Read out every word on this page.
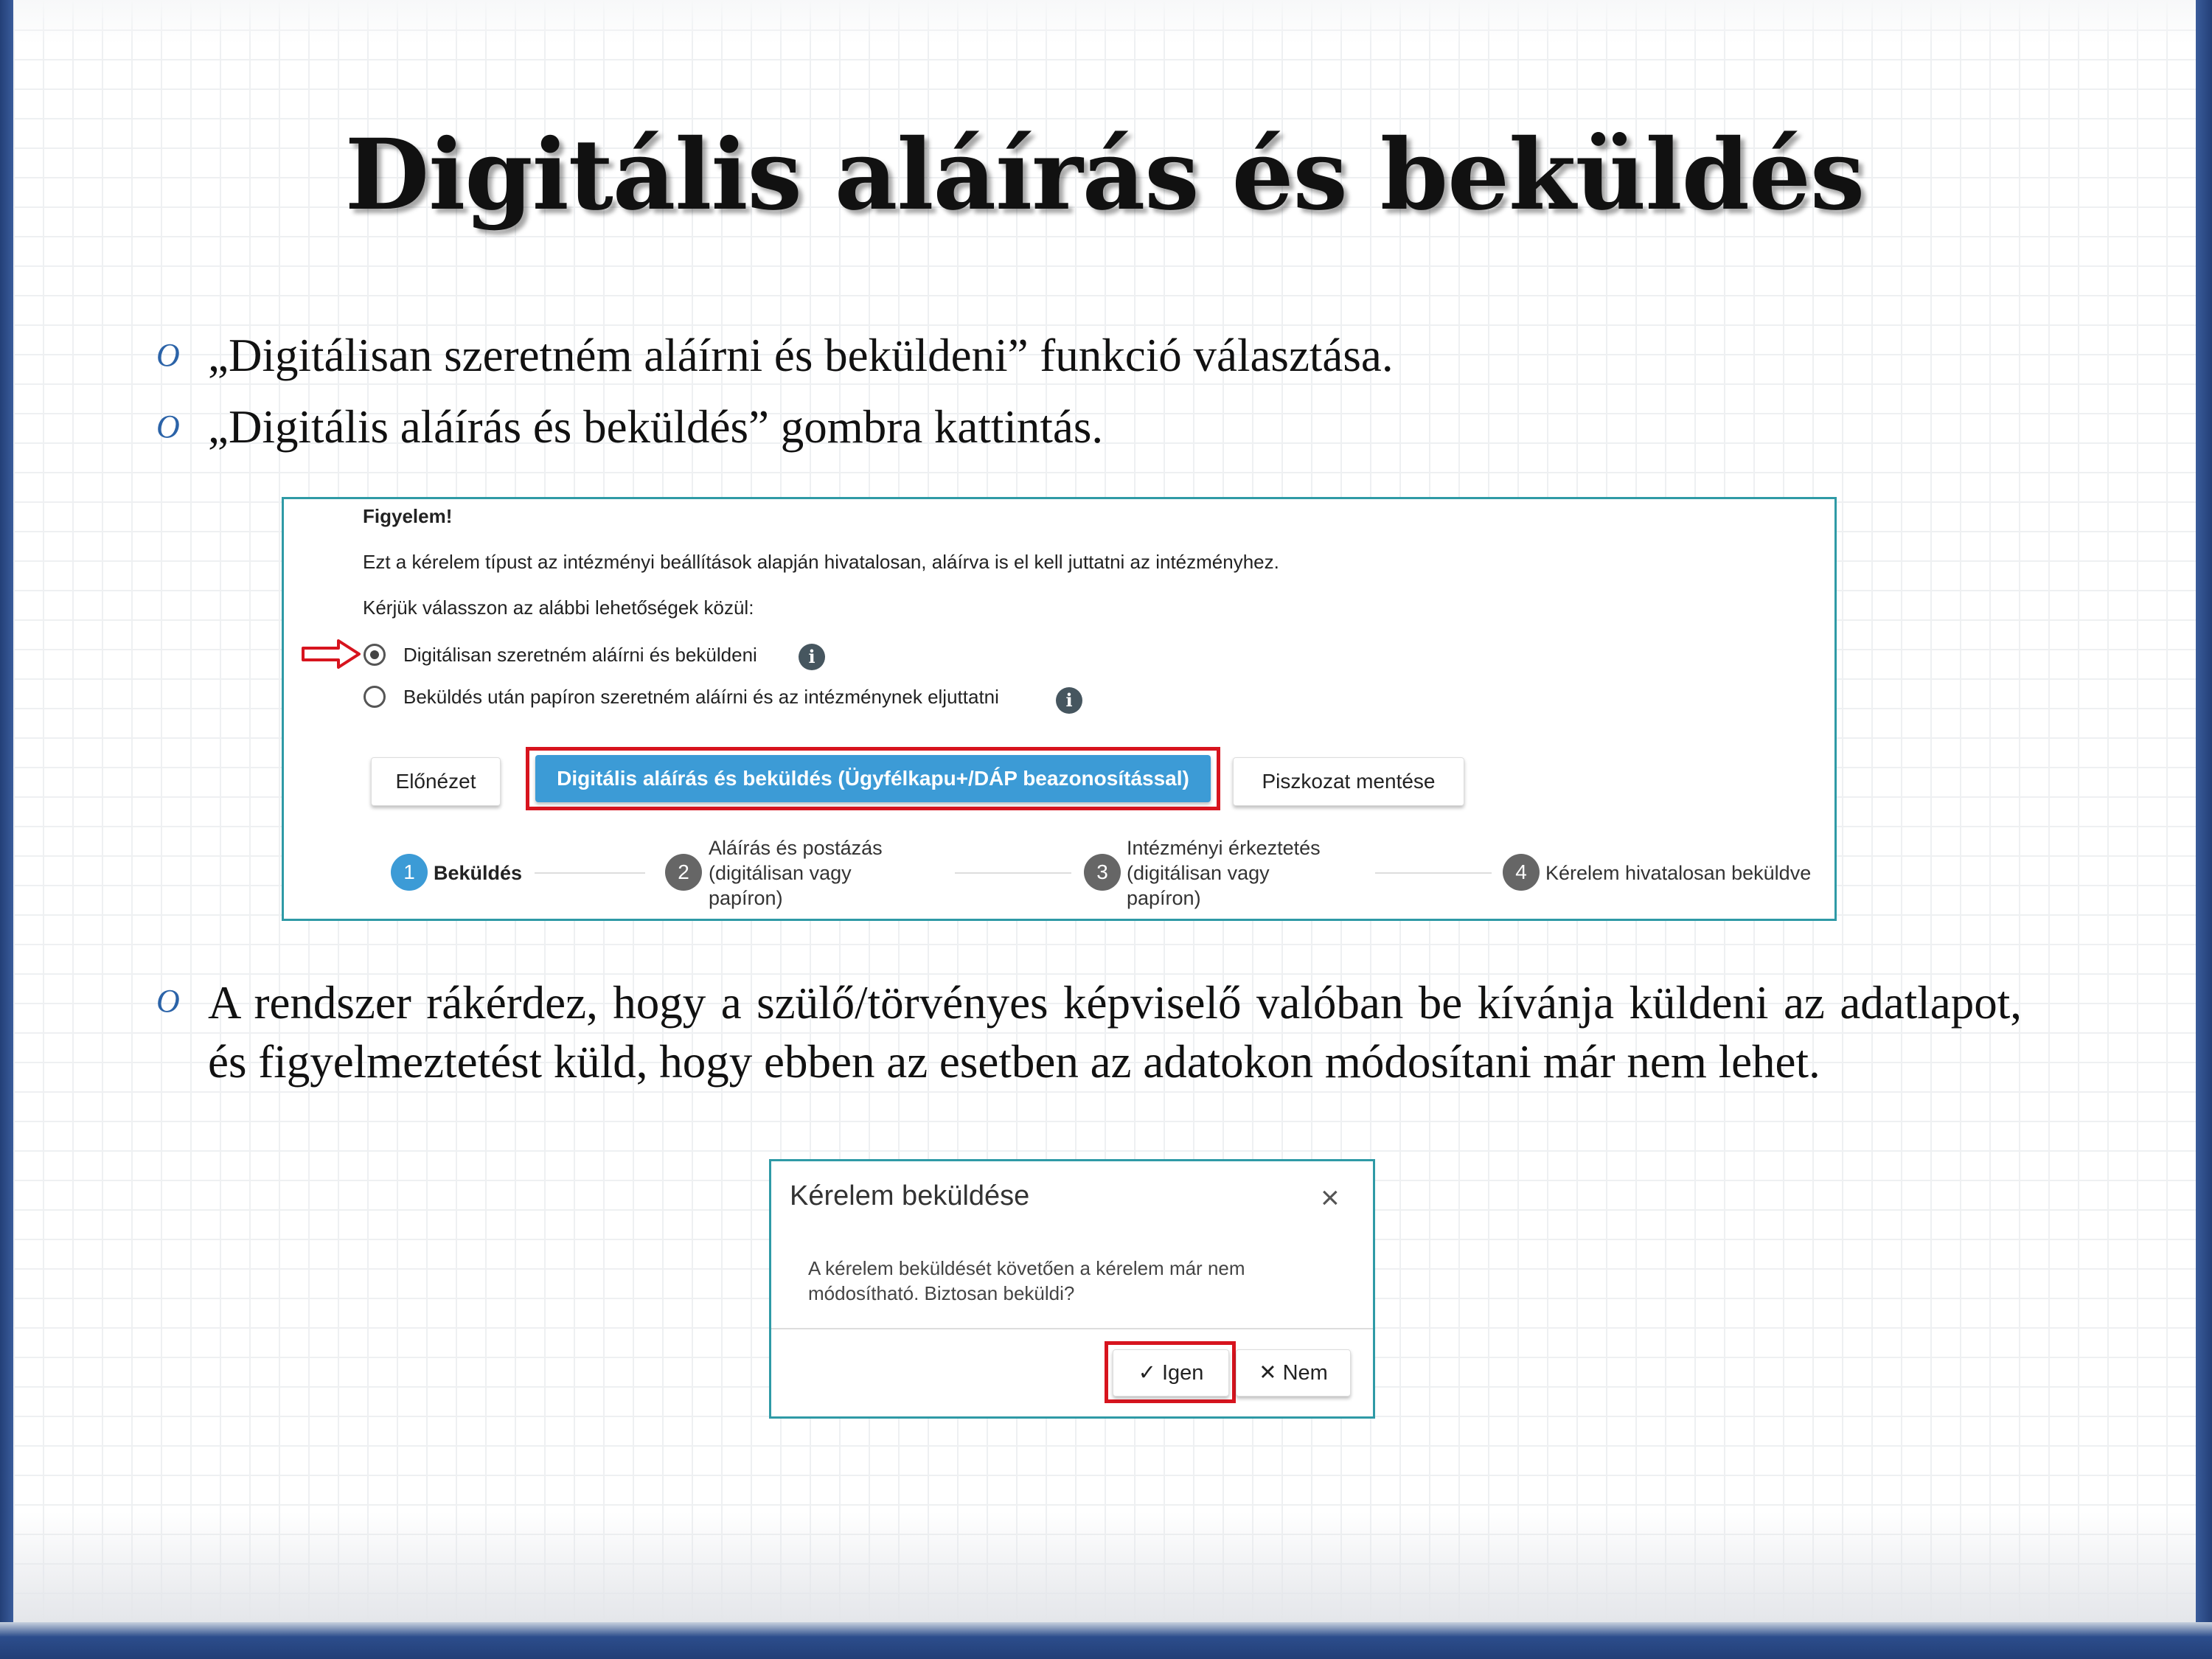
Digitális aláírás és beküldés
O „Digitálisan szeretném aláírni és beküldeni” funkció választása.
O „Digitális aláírás és beküldés” gombra kattintás.
Figyelem!
Ezt a kérelem típust az intézményi beállítások alapján hivatalosan, aláírva is el kell juttatni az intézményhez.
Kérjük válasszon az alábbi lehetőségek közül:
Digitálisan szeretném aláírni és beküldeni	i
Beküldés után papíron szeretném aláírni és az intézménynek eljuttatni	i
Előnézet	Digitális aláírás és beküldés (Ügyfélkapu+/DÁP beazonosítással)	Piszkozat mentése
1 Beküldés	2
Aláírás és postázás
(digitálisan vagy
papíron)
3
Intézményi érkeztetés
(digitálisan vagy
papíron)
4 Kérelem hivatalosan beküldve
O A rendszer rákérdez, hogy a szülő/törvényes képviselő valóban be kívánja küldeni az adatlapot, és figyelmeztetést küld, hogy ebben az esetben az adatokon módosítani már nem lehet.
Kérelem beküldése	×
A kérelem beküldését követően a kérelem már nem
módosítható. Biztosan beküldi?
✓ Igen	✕ Nem
